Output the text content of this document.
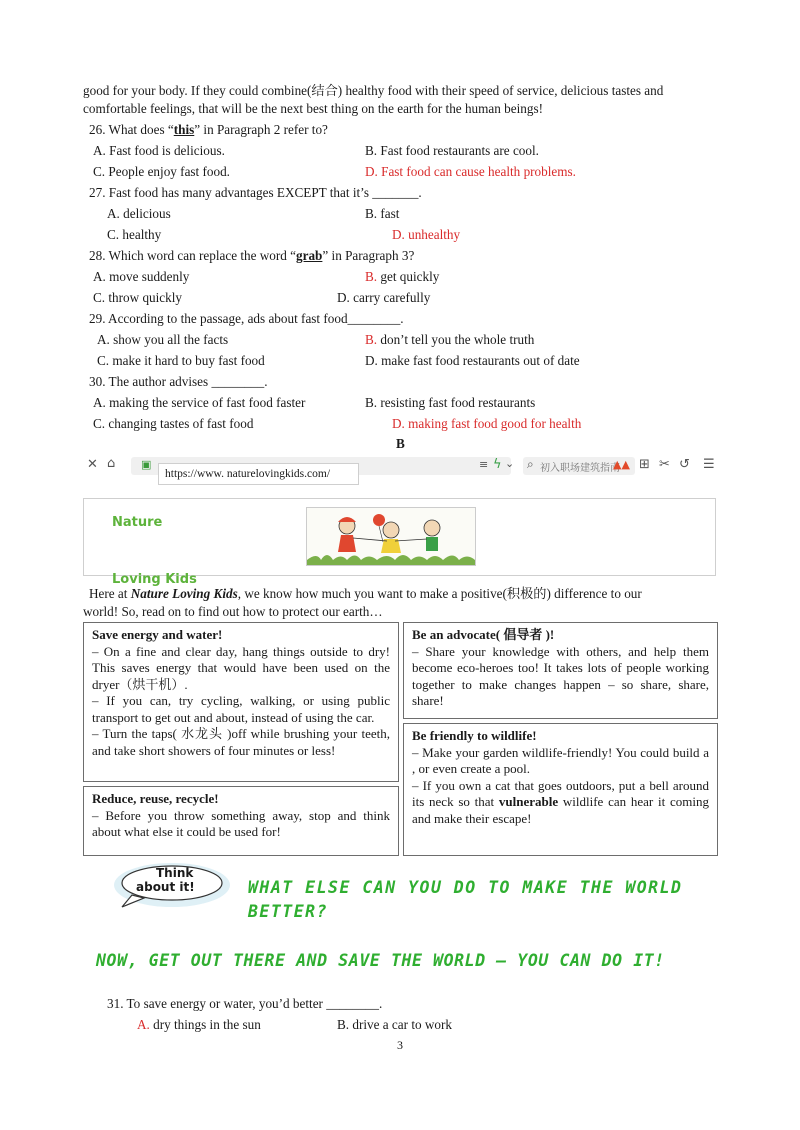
good for your body. If they could combine(结合) healthy food with their speed of service, delicious tastes and
comfortable feelings, that will be the next best thing on the earth for the human beings!
26. What does “this” in Paragraph 2 refer to?
A. Fast food is delicious.	B. Fast food restaurants are cool.
C. People enjoy fast food.	D. Fast food can cause health problems.
27. Fast food has many advantages EXCEPT that it’s _______.
A. delicious	B. fast
C. healthy	D. unhealthy
28. Which word can replace the word “grab” in Paragraph 3?
A. move suddenly	B. get quickly
C. throw quickly	D. carry carefully
29. According to the passage, ads about fast food________.
A. show you all the facts	B. don’t tell you the whole truth
C. make it hard to buy fast food	D. make fast food restaurants out of date
30. The author advises ________.
A. making the service of fast food faster	B. resisting fast food restaurants
C. changing tastes of fast food	D. making fast food good for health
B
✕ ⌂ ▣
https://www. naturelovingkids.com/
≡ ϟ ⌄ ⌕ 初入职场建筑指南
▲▲ ⊞ ✂ ↺ ☰
Nature
Loving Kids
Here at Nature Loving Kids, we know how much you want to make a positive(积极的) difference to our
world! So, read on to find out how to protect our earth…
Save energy and water!
– On a fine and clear day, hang things outside to dry! This saves energy that would have been used on the dryer（烘干机）.
– If you can, try cycling, walking, or using public transport to get out and about, instead of using the car.
– Turn the taps( 水龙头 )off while brushing your teeth, and take short showers of four minutes or less!
Reduce, reuse, recycle!
– Before you throw something away, stop and think about what else it could be used for!
Be an advocate( 倡导者 )!
– Share your knowledge with others, and help them become eco-heroes too! It takes lots of people working together to make changes happen – so share, share, share!
Be friendly to wildlife!
– Make your garden wildlife-friendly! You could build a , or even create a pool.
– If you own a cat that goes outdoors, put a bell around its neck so that vulnerable wildlife can hear it coming and make their escape!
Think
about it!	WHAT ELSE CAN YOU DO TO MAKE THE WORLD
BETTER?
NOW, GET OUT THERE AND SAVE THE WORLD – YOU CAN DO IT!
31. To save energy or water, you’d better ________.
A. dry things in the sun	B. drive a car to work
3
